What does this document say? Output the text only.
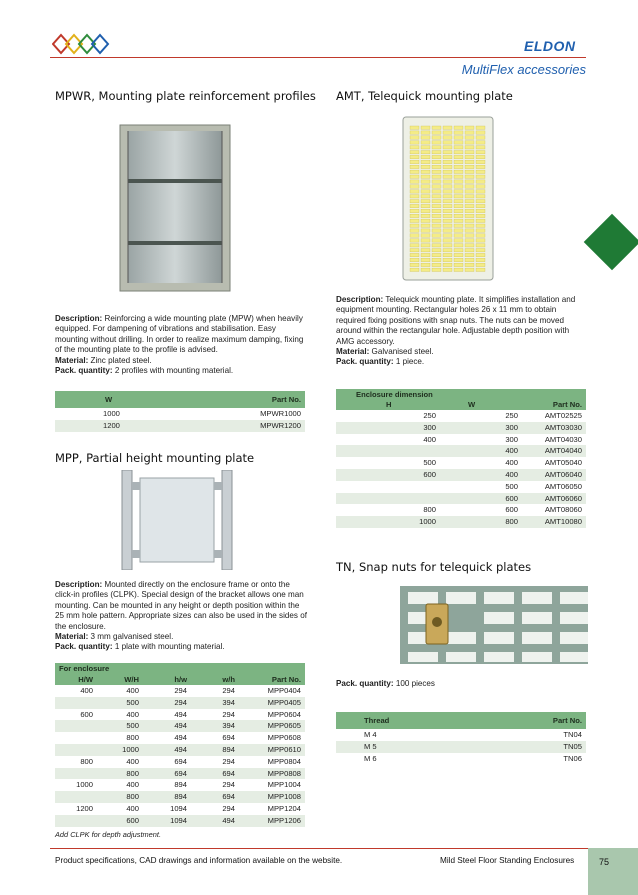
ELDON
MultiFlex accessories
MPWR, Mounting plate reinforcement profiles
Description: Reinforcing a wide mounting plate (MPW) when heavily equipped. For dampening of vibrations and stabilisation. Easy mounting without drilling. In order to realize maximum damping, fixing of the mounting plate to the profile is advised.
Material: Zinc plated steel.
Pack. quantity: 2 profiles with mounting material.
W	Part No.
1000	MPWR1000
1200	MPWR1200
MPP, Partial height mounting plate
Description: Mounted directly on the enclosure frame or onto the click-in profiles (CLPK). Special design of the bracket allows one man mounting. Can be mounted in any height or depth position within the 25 mm hole pattern. Appropriate sizes can also be used in the sides of the enclosure.
Material: 3 mm galvanised steel.
Pack. quantity: 1 plate with mounting material.
For enclosure				
H/W	W/H	h/w	w/h	Part No.
400	400	294	294	MPP0404
	500	294	394	MPP0405
600	400	494	294	MPP0604
	500	494	394	MPP0605
	800	494	694	MPP0608
	1000	494	894	MPP0610
800	400	694	294	MPP0804
	800	694	694	MPP0808
1000	400	894	294	MPP1004
	800	894	694	MPP1008
1200	400	1094	294	MPP1204
	600	1094	494	MPP1206
Add CLPK for depth adjustment.
AMT, Telequick mounting plate
Description: Telequick mounting plate. It simplifies installation and equipment mounting. Rectangular holes 26 x 11 mm to obtain required fixing positions with snap nuts. The nuts can be moved around within the rectangular hole. Adjustable depth position with AMG accessory.
Material: Galvanised steel.
Pack. quantity: 1 piece.
Enclosure dimension		
H	W	Part No.
250	250	AMT02525
300	300	AMT03030
400	300	AMT04030
	400	AMT04040
500	400	AMT05040
600	400	AMT06040
	500	AMT06050
	600	AMT06060
800	600	AMT08060
1000	800	AMT10080
TN, Snap nuts for telequick plates
Pack. quantity: 100 pieces
Thread	Part No.
M 4	TN04
M 5	TN05
M 6	TN06
Product specifications, CAD drawings and information available on the website.	Mild Steel Floor Standing Enclosures	75
